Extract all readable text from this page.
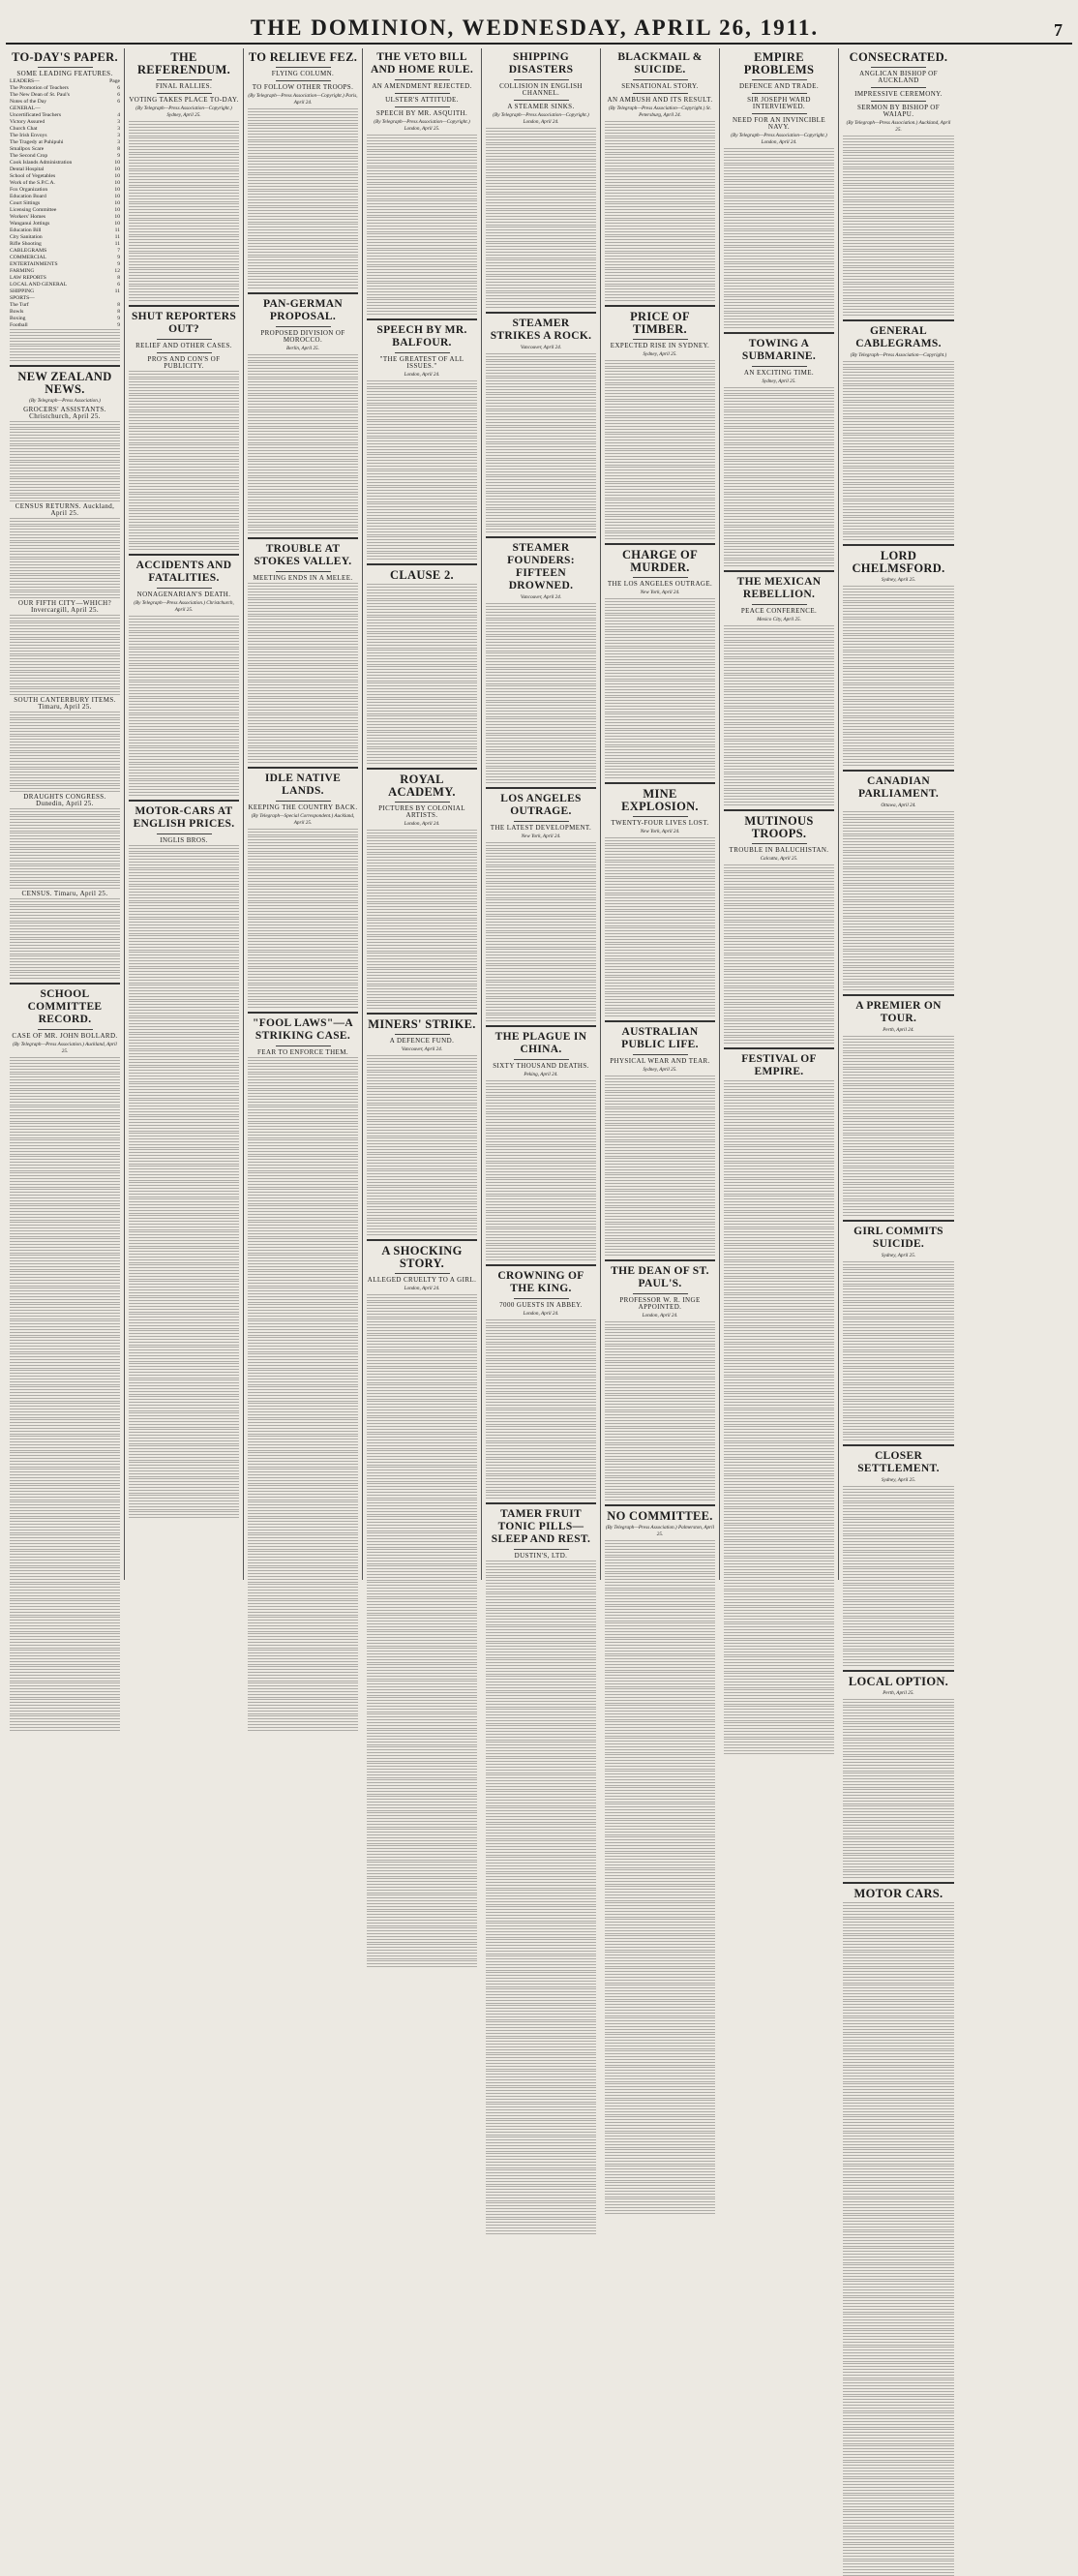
THE DOMINION, WEDNESDAY, APRIL 26, 1911.	7
TO-DAY'S PAPER.
SOME LEADING FEATURES.
LEADERS—	Page
The Promotion of Teachers	6
The New Dean of St. Paul's	6
Notes of the Day	6
GENERAL—
Uncertificated Teachers	4
Victory Assured	3
Church Chat	3
The Irish Envoys	3
The Tragedy at Puhipuhi	3
Smallpox Scare	8
The Second Crop	9
Cook Islands Administration	10
Dental Hospital	10
School of Vegetables	10
Work of the S.P.C.A.	10
Fox Organization	10
Education Board	10
Court Sittings	10
Licensing Committee	10
Workers' Homes	10
Wanganui Jottings	10
Education Bill	11
City Sanitation	11
Rifle Shooting	11
CABLEGRAMS	7
COMMERCIAL	9
ENTERTAINMENTS	9
FARMING	12
LAW REPORTS	8
LOCAL AND GENERAL	6
SHIPPING	11
SPORTS—
The Turf	8
Bowls	8
Boxing	9
Football	9
NEW ZEALAND NEWS.
(By Telegraph—Press Association.)
GROCERS' ASSISTANTS. Christchurch, April 25.
CENSUS RETURNS. Auckland, April 25.
OUR FIFTH CITY—WHICH? Invercargill, April 25.
SOUTH CANTERBURY ITEMS. Timaru, April 25.
DRAUGHTS CONGRESS. Dunedin, April 25.
CENSUS. Timaru, April 25.
SCHOOL COMMITTEE RECORD.
CASE OF MR. JOHN BOLLARD.
(By Telegraph—Press Association.) Auckland, April 25.
THE REFERENDUM.
FINAL RALLIES.
VOTING TAKES PLACE TO-DAY.
(By Telegraph—Press Association—Copyright.) Sydney, April 25.
SHUT REPORTERS OUT?
RELIEF AND OTHER CASES.
PRO'S AND CON'S OF PUBLICITY.
ACCIDENTS AND FATALITIES.
NONAGENARIAN'S DEATH.
(By Telegraph—Press Association.) Christchurch, April 25.
MOTOR-CARS AT ENGLISH PRICES.
INGLIS BROS.
TO RELIEVE FEZ.
FLYING COLUMN.
TO FOLLOW OTHER TROOPS.
(By Telegraph—Press Association—Copyright.) Paris, April 24.
PAN-GERMAN PROPOSAL.
PROPOSED DIVISION OF MOROCCO.
Berlin, April 25.
TROUBLE AT STOKES VALLEY.
MEETING ENDS IN A MELEE.
IDLE NATIVE LANDS.
KEEPING THE COUNTRY BACK.
(By Telegraph—Special Correspondent.) Auckland, April 25.
"FOOL LAWS"—A STRIKING CASE.
FEAR TO ENFORCE THEM.
THE VETO BILL AND HOME RULE.
AN AMENDMENT REJECTED.
ULSTER'S ATTITUDE.
SPEECH BY MR. ASQUITH.
(By Telegraph—Press Association—Copyright.) London, April 25.
SPEECH BY MR. BALFOUR.
"THE GREATEST OF ALL ISSUES."
London, April 24.
CLAUSE 2.
ROYAL ACADEMY.
PICTURES BY COLONIAL ARTISTS.
London, April 24.
MINERS' STRIKE.
A DEFENCE FUND.
Vancouver, April 24.
A SHOCKING STORY.
ALLEGED CRUELTY TO A GIRL.
London, April 24.
SHIPPING DISASTERS
COLLISION IN ENGLISH CHANNEL.
A STEAMER SINKS.
(By Telegraph—Press Association—Copyright.) London, April 24.
STEAMER STRIKES A ROCK.
Vancouver, April 24.
STEAMER FOUNDERS: FIFTEEN DROWNED.
Vancouver, April 24.
LOS ANGELES OUTRAGE.
THE LATEST DEVELOPMENT.
New York, April 24.
THE PLAGUE IN CHINA.
SIXTY THOUSAND DEATHS.
Peking, April 24.
CROWNING OF THE KING.
7000 GUESTS IN ABBEY.
London, April 24.
TAMER FRUIT TONIC PILLS—SLEEP AND REST.
DUSTIN'S, LTD.
BLACKMAIL & SUICIDE.
SENSATIONAL STORY.
AN AMBUSH AND ITS RESULT.
(By Telegraph—Press Association—Copyright.) St. Petersburg, April 24.
PRICE OF TIMBER.
EXPECTED RISE IN SYDNEY.
Sydney, April 25.
CHARGE OF MURDER.
THE LOS ANGELES OUTRAGE.
New York, April 24.
MINE EXPLOSION.
TWENTY-FOUR LIVES LOST.
New York, April 24.
AUSTRALIAN PUBLIC LIFE.
PHYSICAL WEAR AND TEAR.
Sydney, April 25.
THE DEAN OF ST. PAUL'S.
PROFESSOR W. R. INGE APPOINTED.
London, April 24.
NO COMMITTEE.
(By Telegraph—Press Association.) Palmerston, April 25.
EMPIRE PROBLEMS
DEFENCE AND TRADE.
SIR JOSEPH WARD INTERVIEWED.
NEED FOR AN INVINCIBLE NAVY.
(By Telegraph—Press Association—Copyright.) London, April 24.
TOWING A SUBMARINE.
AN EXCITING TIME.
Sydney, April 25.
THE MEXICAN REBELLION.
PEACE CONFERENCE.
Mexico City, April 25.
MUTINOUS TROOPS.
TROUBLE IN BALUCHISTAN.
Calcutta, April 25.
FESTIVAL OF EMPIRE.
CONSECRATED.
ANGLICAN BISHOP OF AUCKLAND
IMPRESSIVE CEREMONY.
SERMON BY BISHOP OF WAIAPU.
(By Telegraph—Press Association.) Auckland, April 25.
GENERAL CABLEGRAMS.
(By Telegraph—Press Association—Copyright.)
LORD CHELMSFORD.
Sydney, April 25.
CANADIAN PARLIAMENT.
Ottawa, April 24.
A PREMIER ON TOUR.
Perth, April 24.
GIRL COMMITS SUICIDE.
Sydney, April 25.
CLOSER SETTLEMENT.
Sydney, April 25.
LOCAL OPTION.
Perth, April 25.
MOTOR CARS.
